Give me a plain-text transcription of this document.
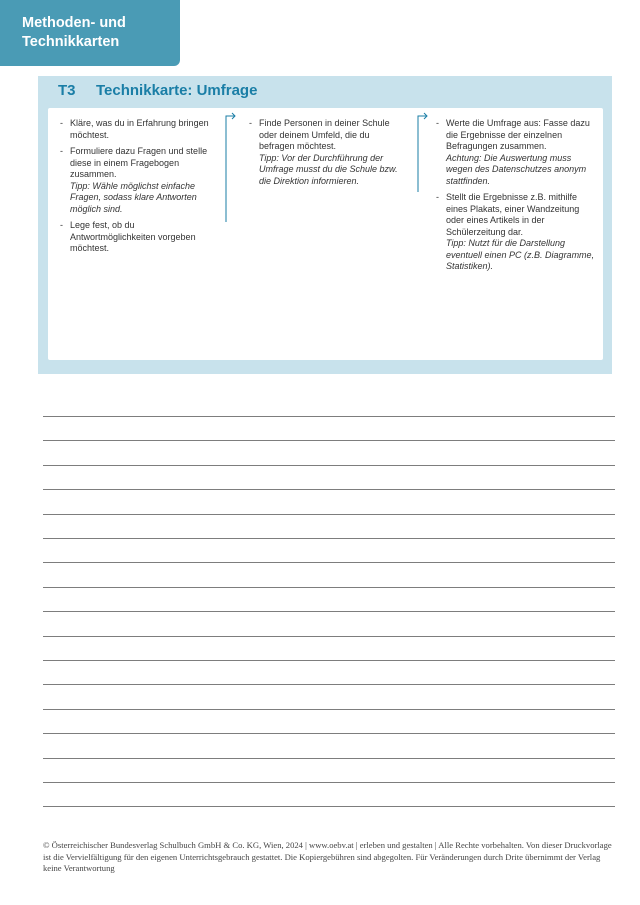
Methoden- und
Technikkarten
T3 Technikkarte: Umfrage
- Kläre, was du in Erfahrung bringen möchtest.
- Formuliere dazu Fragen und stelle diese in einem Fragebogen zusammen.
Tipp: Wähle möglichst einfache Fragen, sodass klare Antworten möglich sind.
- Lege fest, ob du Antwortmöglichkeiten vorgeben möchtest.
- Finde Personen in deiner Schule oder deinem Umfeld, die du befragen möchtest.
Tipp: Vor der Durchführung der Umfrage musst du die Schule bzw. die Direktion informieren.
- Werte die Umfrage aus: Fasse dazu die Ergebnisse der einzelnen Befragungen zusammen.
Achtung: Die Auswertung muss wegen des Datenschutzes anonym stattfinden.
- Stellt die Ergebnisse z.B. mithilfe eines Plakats, einer Wandzeitung oder eines Artikels in der Schülerzeitung dar.
Tipp: Nutzt für die Darstellung eventuell einen PC (z.B. Diagramme, Statistiken).
© Österreichischer Bundesverlag Schulbuch GmbH & Co. KG, Wien, 2024 | www.oebv.at | erleben und gestalten | Alle Rechte vorbehalten. Von dieser Druckvorlage ist die Vervielfältigung für den eigenen Unterrichtsgebrauch gestattet. Die Kopiergebühren sind abgegolten. Für Veränderungen durch Drite übernimmt der Verlag keine Verantwortung
